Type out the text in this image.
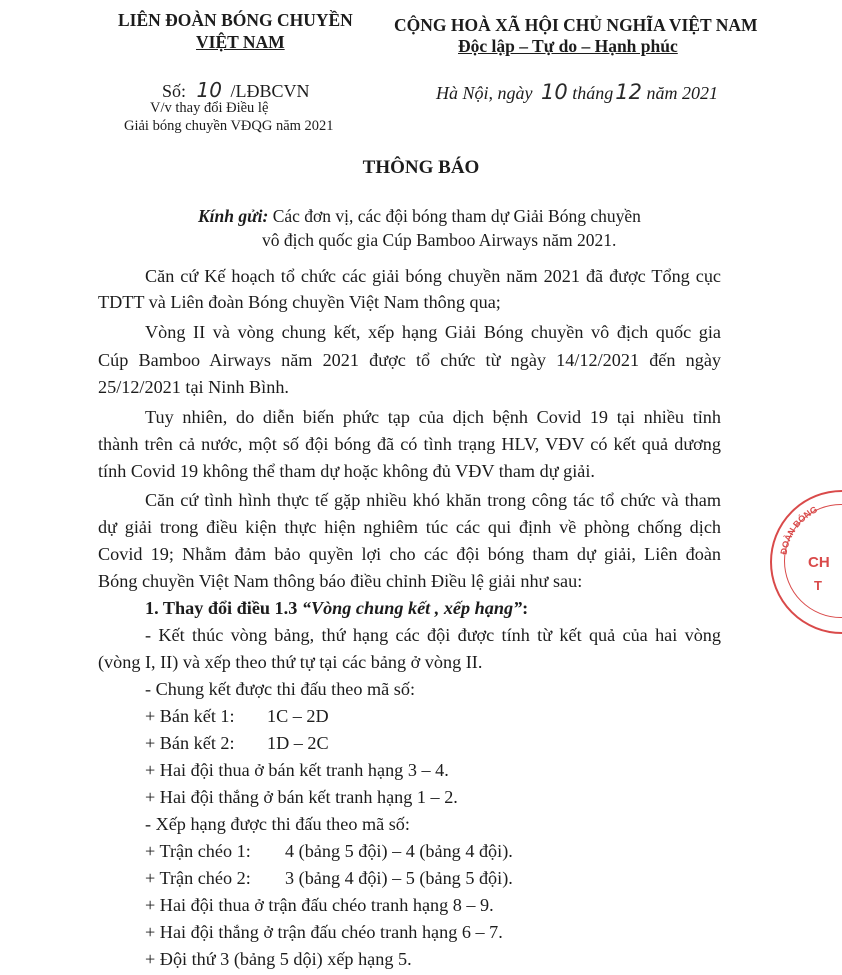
LIÊN ĐOÀN BÓNG CHUYỀN
VIỆT NAM
CỘNG HOÀ XÃ HỘI CHỦ NGHĨA VIỆT NAM
Độc lập – Tự do – Hạnh phúc
Số: 10 /LĐBCVN
V/v thay đổi Điều lệ
Giải bóng chuyền VĐQG năm 2021
Hà Nội, ngày 10 tháng12 năm 2021
THÔNG BÁO
Kính gửi: Các đơn vị, các đội bóng tham dự Giải Bóng chuyền
vô địch quốc gia Cúp Bamboo Airways năm 2021.
Căn cứ Kế hoạch tổ chức các giải bóng chuyền năm 2021 đã được Tổng cục
TDTT và Liên đoàn Bóng chuyền Việt Nam thông qua;
Vòng II và vòng chung kết, xếp hạng Giải Bóng chuyền vô địch quốc gia
Cúp Bamboo Airways năm 2021 được tổ chức từ ngày 14/12/2021 đến ngày
25/12/2021 tại Ninh Bình.
Tuy nhiên, do diễn biến phức tạp của dịch bệnh Covid 19 tại nhiều tỉnh
thành trên cả nước, một số đội bóng đã có tình trạng HLV, VĐV có kết quả dương
tính Covid 19 không thể tham dự hoặc không đủ VĐV tham dự giải.
Căn cứ tình hình thực tế gặp nhiều khó khăn trong công tác tổ chức và tham
dự giải trong điều kiện thực hiện nghiêm túc các qui định về phòng chống dịch
Covid 19; Nhằm đảm bảo quyền lợi cho các đội bóng tham dự giải, Liên đoàn
Bóng chuyền Việt Nam thông báo điều chỉnh Điều lệ giải như sau:
1. Thay đổi điều 1.3 “Vòng chung kết , xếp hạng”:
- Kết thúc vòng bảng, thứ hạng các đội được tính từ kết quả của hai vòng
(vòng I, II) và xếp theo thứ tự tại các bảng ở vòng II.
- Chung kết được thi đấu theo mã số:
+ Bán kết 1: 1C – 2D
+ Bán kết 2: 1D – 2C
+ Hai đội thua ở bán kết tranh hạng 3 – 4.
+ Hai đội thắng ở bán kết tranh hạng 1 – 2.
- Xếp hạng được thi đấu theo mã số:
+ Trận chéo 1: 4 (bảng 5 đội) – 4 (bảng 4 đội).
+ Trận chéo 2: 3 (bảng 4 đội) – 5 (bảng 5 đội).
+ Hai đội thua ở trận đấu chéo tranh hạng 8 – 9.
+ Hai đội thắng ở trận đấu chéo tranh hạng 6 – 7.
+ Đội thứ 3 (bảng 5 dội) xếp hạng 5.
ĐOÀN BÓNG
CH
T
